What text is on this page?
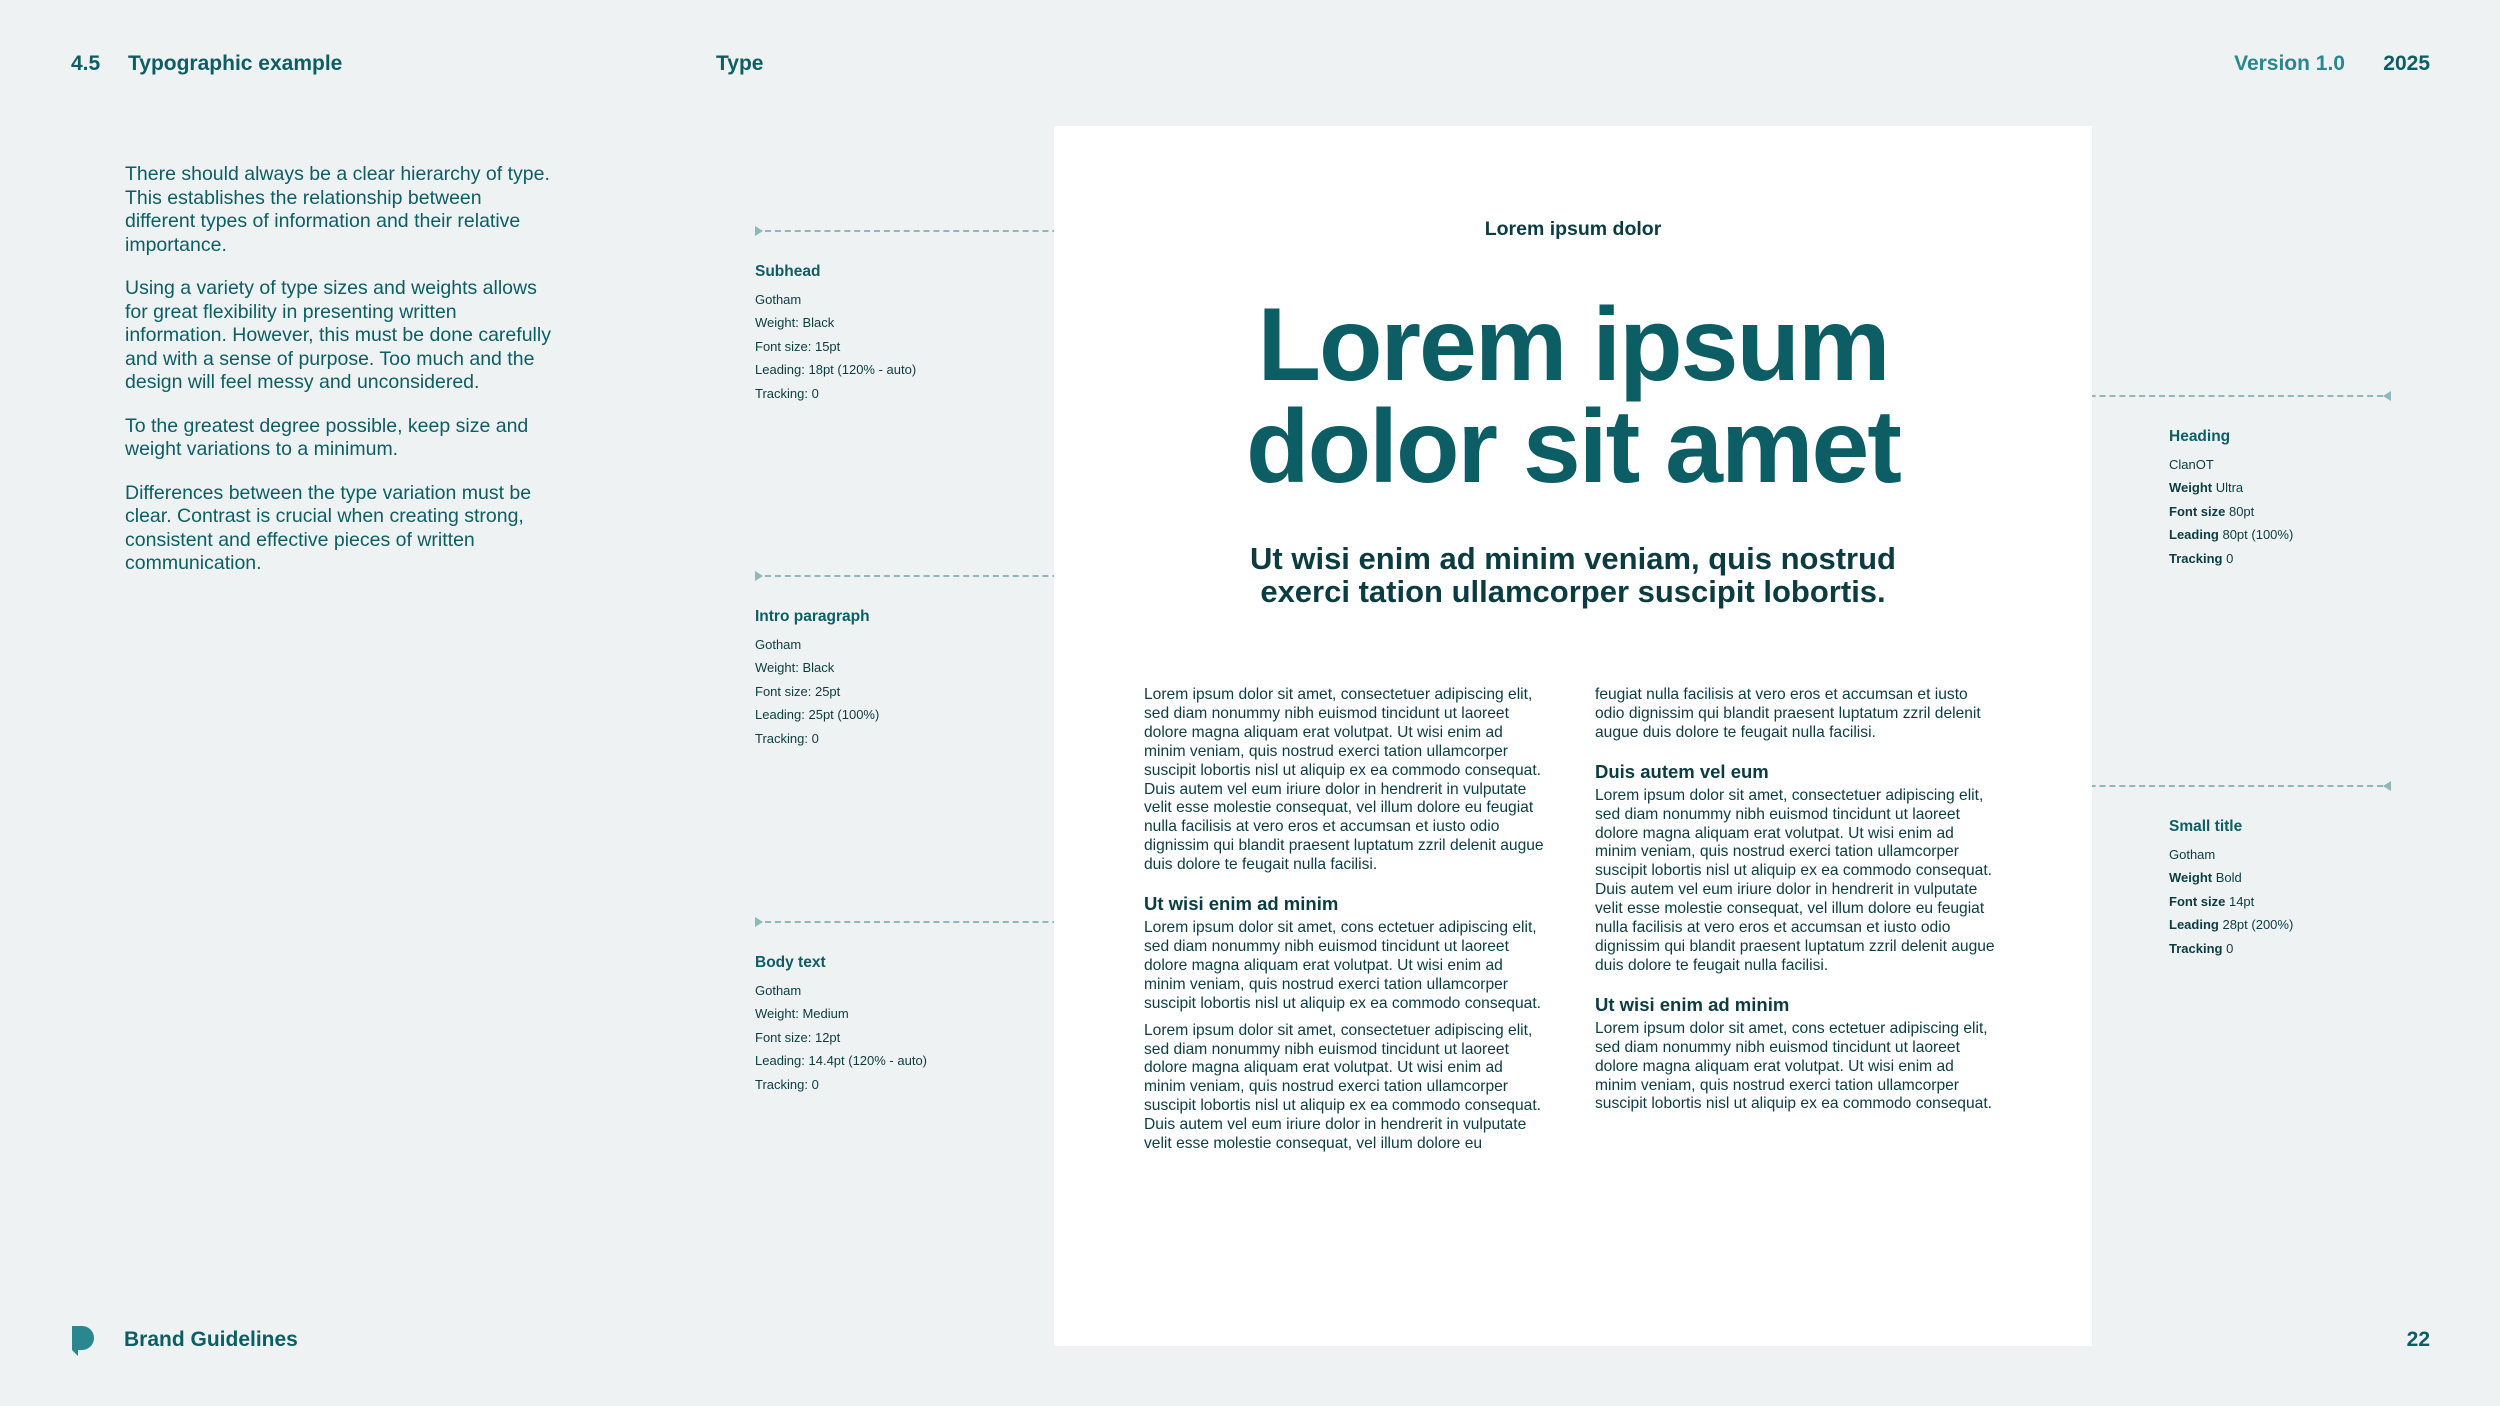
4.5 Typographic example	Type	Version 1.0 2025

There should always be a clear hierarchy of type. This establishes the relationship between different types of information and their relative importance.

Using a variety of type sizes and weights allows for great flexibility in presenting written information. However, this must be done carefully and with a sense of purpose. Too much and the design will feel messy and unconsidered.

To the greatest degree possible, keep size and weight variations to a minimum.

Differences between the type variation must be clear. Contrast is crucial when creating strong, consistent and effective pieces of written communication.

Subhead
Gotham
Weight: Black
Font size: 15pt
Leading: 18pt (120% - auto)
Tracking: 0
Intro paragraph
Gotham
Weight: Black
Font size: 25pt
Leading: 25pt (100%)
Tracking: 0
Body text
Gotham
Weight: Medium
Font size: 12pt
Leading: 14.4pt (120% - auto)
Tracking: 0
Heading
ClanOT
Weight Ultra
Font size 80pt
Leading 80pt (100%)
Tracking 0
Small title
Gotham
Weight Bold
Font size 14pt
Leading 28pt (200%)
Tracking 0
Lorem ipsum dolor
Lorem ipsum
dolor sit amet
Ut wisi enim ad minim veniam, quis nostrud
exerci tation ullamcorper suscipit lobortis.

Lorem ipsum dolor sit amet, consectetuer adipiscing elit, sed diam nonummy nibh euismod tincidunt ut laoreet dolore magna aliquam erat volutpat. Ut wisi enim ad minim veniam, quis nostrud exerci tation ullamcorper suscipit lobortis nisl ut aliquip ex ea commodo consequat. Duis autem vel eum iriure dolor in hendrerit in vulputate velit esse molestie consequat, vel illum dolore eu feugiat nulla facilisis at vero eros et accumsan et iusto odio dignissim qui blandit praesent luptatum zzril delenit augue duis dolore te feugait nulla facilisi.

Ut wisi enim ad minim

Lorem ipsum dolor sit amet, cons ectetuer adipiscing elit, sed diam nonummy nibh euismod tincidunt ut laoreet dolore magna aliquam erat volutpat. Ut wisi enim ad minim veniam, quis nostrud exerci tation ullamcorper suscipit lobortis nisl ut aliquip ex ea commodo consequat.

Lorem ipsum dolor sit amet, consectetuer adipiscing elit, sed diam nonummy nibh euismod tincidunt ut laoreet dolore magna aliquam erat volutpat. Ut wisi enim ad minim veniam, quis nostrud exerci tation ullamcorper suscipit lobortis nisl ut aliquip ex ea commodo consequat. Duis autem vel eum iriure dolor in hendrerit in vulputate velit esse molestie consequat, vel illum dolore eu

feugiat nulla facilisis at vero eros et accumsan et iusto odio dignissim qui blandit praesent luptatum zzril delenit augue duis dolore te feugait nulla facilisi.

Duis autem vel eum

Lorem ipsum dolor sit amet, consectetuer adipiscing elit, sed diam nonummy nibh euismod tincidunt ut laoreet dolore magna aliquam erat volutpat. Ut wisi enim ad minim veniam, quis nostrud exerci tation ullamcorper suscipit lobortis nisl ut aliquip ex ea commodo consequat. Duis autem vel eum iriure dolor in hendrerit in vulputate velit esse molestie consequat, vel illum dolore eu feugiat nulla facilisis at vero eros et accumsan et iusto odio dignissim qui blandit praesent luptatum zzril delenit augue duis dolore te feugait nulla facilisi.

Ut wisi enim ad minim

Lorem ipsum dolor sit amet, cons ectetuer adipiscing elit, sed diam nonummy nibh euismod tincidunt ut laoreet dolore magna aliquam erat volutpat. Ut wisi enim ad minim veniam, quis nostrud exerci tation ullamcorper suscipit lobortis nisl ut aliquip ex ea commodo consequat.

Brand Guidelines	22
